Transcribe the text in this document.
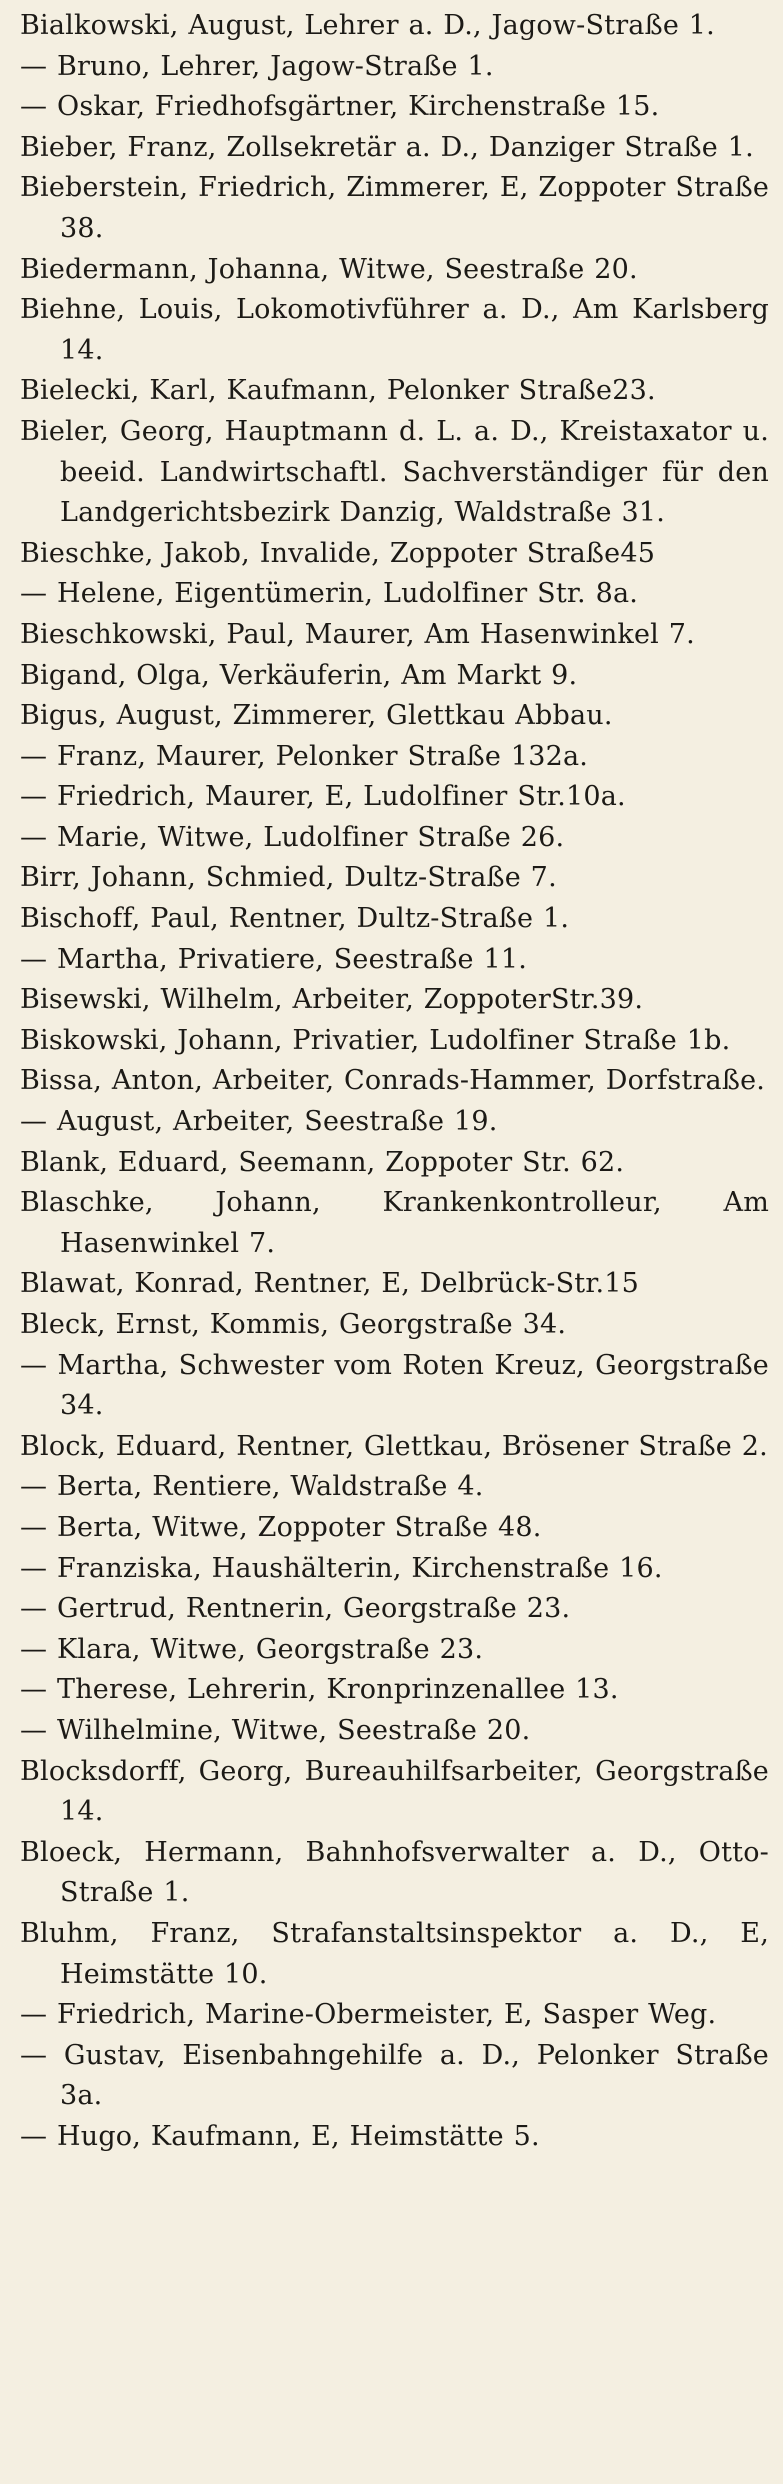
Bialkowski, August, Lehrer a. D., Jagow-Straße 1.
— Bruno, Lehrer, Jagow-Straße 1.
— Oskar, Friedhofsgärtner, Kirchenstraße 15.
Bieber, Franz, Zollsekretär a. D., Danziger Straße 1.
Bieberstein, Friedrich, Zimmerer, E, Zoppoter Straße 38.
Biedermann, Johanna, Witwe, Seestraße 20.
Biehne, Louis, Lokomotivführer a. D., Am Karlsberg 14.
Bielecki, Karl, Kaufmann, Pelonker Straße23.
Bieler, Georg, Hauptmann d. L. a. D., Kreistaxator u. beeid. Landwirtschaftl. Sachverständiger für den Landgerichtsbezirk Danzig, Waldstraße 31.
Bieschke, Jakob, Invalide, Zoppoter Straße45
— Helene, Eigentümerin, Ludolfiner Str. 8a.
Bieschkowski, Paul, Maurer, Am Hasenwinkel 7.
Bigand, Olga, Verkäuferin, Am Markt 9.
Bigus, August, Zimmerer, Glettkau Abbau.
— Franz, Maurer, Pelonker Straße 132a.
— Friedrich, Maurer, E, Ludolfiner Str.10a.
— Marie, Witwe, Ludolfiner Straße 26.
Birr, Johann, Schmied, Dultz-Straße 7.
Bischoff, Paul, Rentner, Dultz-Straße 1.
— Martha, Privatiere, Seestraße 11.
Bisewski, Wilhelm, Arbeiter, ZoppoterStr.39.
Biskowski, Johann, Privatier, Ludolfiner Straße 1b.
Bissa, Anton, Arbeiter, Conrads-Hammer, Dorfstraße.
— August, Arbeiter, Seestraße 19.
Blank, Eduard, Seemann, Zoppoter Str. 62.
Blaschke, Johann, Krankenkontrolleur, Am Hasenwinkel 7.
Blawat, Konrad, Rentner, E, Delbrück-Str.15
Bleck, Ernst, Kommis, Georgstraße 34.
— Martha, Schwester vom Roten Kreuz, Georgstraße 34.
Block, Eduard, Rentner, Glettkau, Brösener Straße 2.
— Berta, Rentiere, Waldstraße 4.
— Berta, Witwe, Zoppoter Straße 48.
— Franziska, Haushälterin, Kirchenstraße 16.
— Gertrud, Rentnerin, Georgstraße 23.
— Klara, Witwe, Georgstraße 23.
— Therese, Lehrerin, Kronprinzenallee 13.
— Wilhelmine, Witwe, Seestraße 20.
Blocksdorff, Georg, Bureauhilfsarbeiter, Georgstraße 14.
Bloeck, Hermann, Bahnhofsverwalter a. D., Otto-Straße 1.
Bluhm, Franz, Strafanstaltsinspektor a. D., E, Heimstätte 10.
— Friedrich, Marine-Obermeister, E, Sasper Weg.
— Gustav, Eisenbahngehilfe a. D., Pelonker Straße 3a.
— Hugo, Kaufmann, E, Heimstätte 5.
